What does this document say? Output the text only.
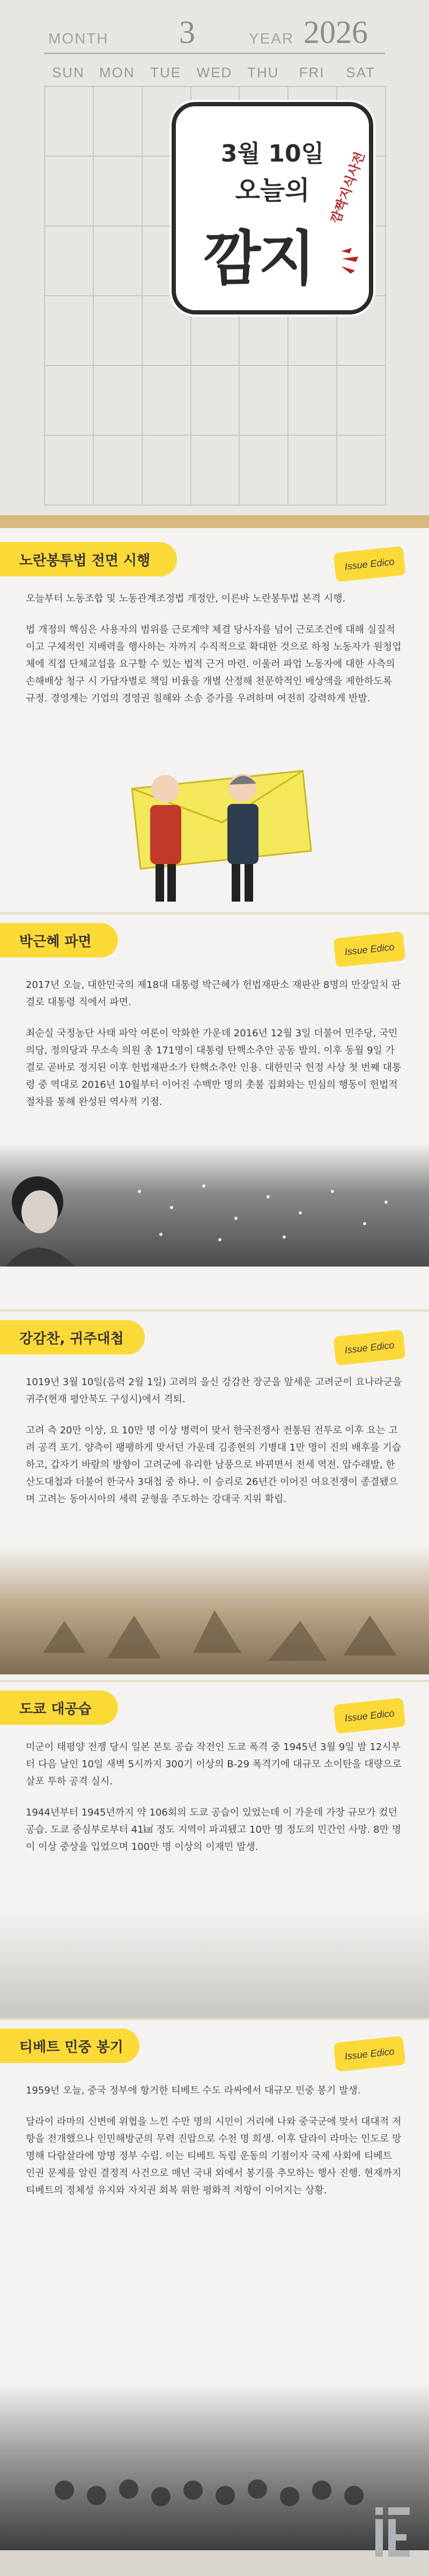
MONTH 3	YEAR 2026
SUN	MON	TUE	WED	THU	FRI	SAT
3월 10일
오늘의
깜지
깜짝지식사전
노란봉투법 전면 시행	Issue Edico

오늘부터 노동조합 및 노동관계조정법 개정안, 이른바 노란봉투법 본격 시행.

법 개정의 핵심은 사용자의 범위를 근로계약 체결 당사자를 넘어 근로조건에 대해 실질적이고 구체적인 지배력을 행사하는 자까지 수직적으로 확대한 것으로 하청 노동자가 원청업체에 직접 단체교섭을 요구할 수 있는 법적 근거 마련. 이울러 파업 노동자에 대한 사측의 손해배상 청구 시 가담자별로 책임 비율을 개별 산정해 천문학적인 배상액을 제한하도록 규정. 경영계는 기업의 경영권 침해와 소송 증가를 우려하며 여전히 강력하게 반발.

박근혜 파면	Issue Edico

2017년 오늘, 대한민국의 제18대 대통령 박근혜가 헌법재판소 재판관 8명의 만장일치 판결로 대통령 직에서 파면.

최순실 국정농단 사태 파악 여론이 악화한 가운데 2016년 12월 3일 더불어 민주당, 국민의당, 정의당과 무소속 의원 총 171명이 대통령 탄핵소추안 공동 발의. 이후 동월 9일 가결로 곧바로 정지된 이후 헌법재판소가 탄핵소추안 인용. 대한민국 헌정 사상 첫 번째 대통령 중 역대로 2016년 10월부터 이어진 수백만 명의 촛불 집회와는 민심의 행동이 헌법적 절차를 통해 완성된 역사적 기점.

강감찬, 귀주대첩
Issue Edico

1019년 3월 10일(음력 2월 1일) 고려의 을신 강감찬 장군을 앞세운 고려군이 요나라군을 귀주(현재 평안북도 구성시)에서 격퇴.

고려 측 20만 이상, 요 10만 명 이상 병력이 맞서 한국전쟁사 전통된 전투로 이후 요는 고려 공격 포기. 양측이 팽팽하게 맞서던 가운데 김종현의 기병대 1만 명이 진의 배후를 기습하고, 갑자기 바람의 방향이 고려군에 유리한 남풍으로 바뀌면서 전세 역전. 압수래발, 한산도대첩과 더불어 한국사 3대첩 중 하나. 이 승리로 26년간 이어진 여요전쟁이 종결됐으며 고려는 동아시아의 세력 균형을 주도하는 강대국 지위 확립.

도쿄 대공습	Issue Edico

미군이 태평양 전쟁 당시 일본 본토 공습 작전인 도쿄 폭격 중 1945년 3월 9일 밤 12시부터 다음 날인 10일 새벽 5시까지 300기 이상의 B-29 폭격기에 대규모 소이탄을 대량으로 살포 투하 공격 실시.

1944년부터 1945년까지 약 106회의 도쿄 공습이 있었는데 이 가운데 가장 규모가 컸던 공습. 도쿄 중심부로부터 41㎢ 정도 지역이 파괴됐고 10만 명 정도의 민간인 사망. 8만 명이 이상 중상을 입었으며 100만 명 이상의 이재민 발생.

티베트 민중 봉기	Issue Edico

1959년 오늘, 중국 정부에 항거한 티베트 수도 라싸에서 대규모 민중 봉기 발생.

달라이 라마의 신변에 위협을 느낀 수만 명의 시민이 거리에 나와 중국군에 맞서 대대적 저항을 전개했으나 인민해방군의 무력 진압으로 수천 명 희생. 이후 달라이 라마는 인도로 망명해 다람살라에 망명 정부 수립. 이는 티베트 독립 운동의 기점이자 국제 사회에 티베트 인권 문제를 알린 결정적 사건으로 매년 국내 외에서 봉기를 추모하는 행사 진행. 현재까지 티베트의 정체성 유지와 자치권 회복 위한 평화적 저항이 이어지는 상황.
